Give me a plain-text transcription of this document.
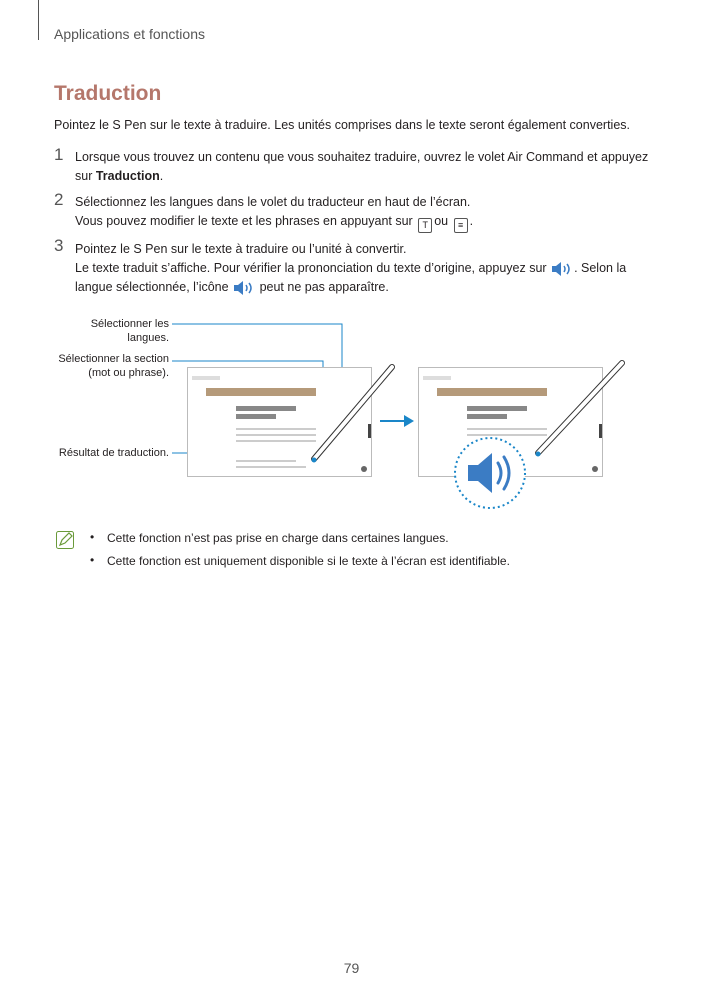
Applications et fonctions
Traduction
Pointez le S Pen sur le texte à traduire. Les unités comprises dans le texte seront également converties.
1 Lorsque vous trouvez un contenu que vous souhaitez traduire, ouvrez le volet Air Command et appuyez
sur Traduction.
2 Sélectionnez les langues dans le volet du traducteur en haut de l’écran.
Vous pouvez modifier le texte et les phrases en appuyant sur T ou ≡ .
3 Pointez le S Pen sur le texte à traduire ou l’unité à convertir.
Le texte traduit s’affiche. Pour vérifier la prononciation du texte d’origine, appuyez sur . Selon la
langue sélectionnée, l’icône peut ne pas apparaître.
Sélectionner les langues.
Sélectionner la section (mot ou phrase).
Résultat de traduction.
• Cette fonction n’est pas prise en charge dans certaines langues.
• Cette fonction est uniquement disponible si le texte à l’écran est identifiable.
79
